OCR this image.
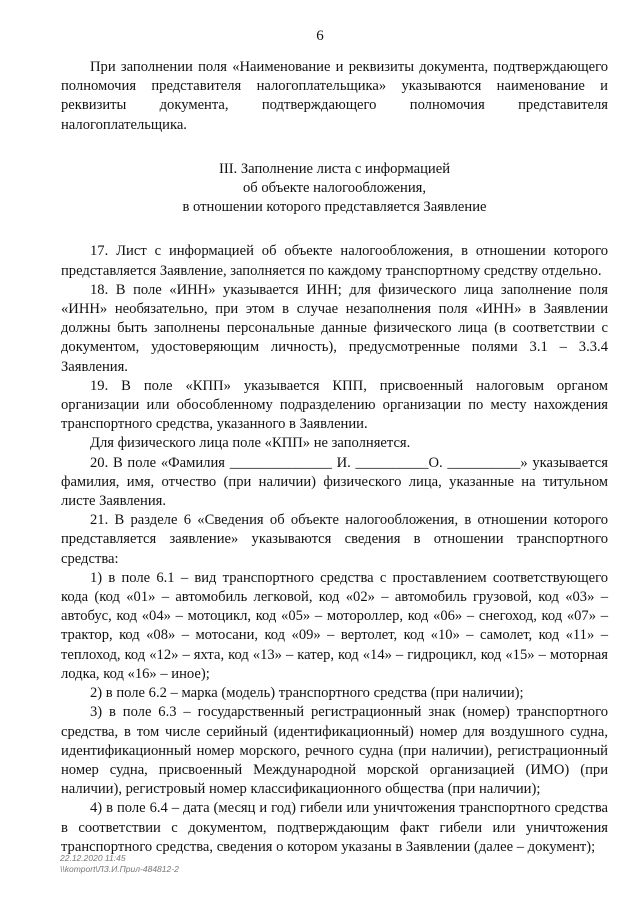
6

При заполнении поля «Наименование и реквизиты документа, подтверждающего полномочия представителя налогоплательщика» указываются наименование и реквизиты документа, подтверждающего полномочия представителя налогоплательщика.

III. Заполнение листа с информацией
об объекте налогообложения,
в отношении которого представляется Заявление

17. Лист с информацией об объекте налогообложения, в отношении которого представляется Заявление, заполняется по каждому транспортному средству отдельно.

18. В поле «ИНН» указывается ИНН; для физического лица заполнение поля «ИНН» необязательно, при этом в случае незаполнения поля «ИНН» в Заявлении должны быть заполнены персональные данные физического лица (в соответствии с документом, удостоверяющим личность), предусмотренные полями 3.1 – 3.3.4 Заявления.

19. В поле «КПП» указывается КПП, присвоенный налоговым органом организации или обособленному подразделению организации по месту нахождения транспортного средства, указанного в Заявлении.

Для физического лица поле «КПП» не заполняется.

20. В поле «Фамилия ______________ И. __________О. __________» указывается фамилия, имя, отчество (при наличии) физического лица, указанные на титульном листе Заявления.

21. В разделе 6 «Сведения об объекте налогообложения, в отношении которого представляется заявление» указываются сведения в отношении транспортного средства:

1) в поле 6.1 – вид транспортного средства с проставлением соответствующего кода (код «01» – автомобиль легковой, код «02» – автомобиль грузовой, код «03» – автобус, код «04» – мотоцикл, код «05» – мотороллер, код «06» – снегоход, код «07» – трактор, код «08» – мотосани, код «09» – вертолет, код «10» – самолет, код «11» – теплоход, код «12» – яхта, код «13» – катер, код «14» – гидроцикл, код «15» – моторная лодка, код «16» – иное);

2) в поле 6.2 – марка (модель) транспортного средства (при наличии);

3) в поле 6.3 – государственный регистрационный знак (номер) транспортного средства, в том числе серийный (идентификационный) номер для воздушного судна, идентификационный номер морского, речного судна (при наличии), регистрационный номер судна, присвоенный Международной морской организацией (ИМО) (при наличии), регистровый номер классификационного общества (при наличии);

4) в поле 6.4 – дата (месяц и год) гибели или уничтожения транспортного средства в соответствии с документом, подтверждающим факт гибели или уничтожения транспортного средства, сведения о котором указаны в Заявлении (далее – документ);

22.12.2020 11:45
\\komport\ЛЗ.И.Прил-484812-2
